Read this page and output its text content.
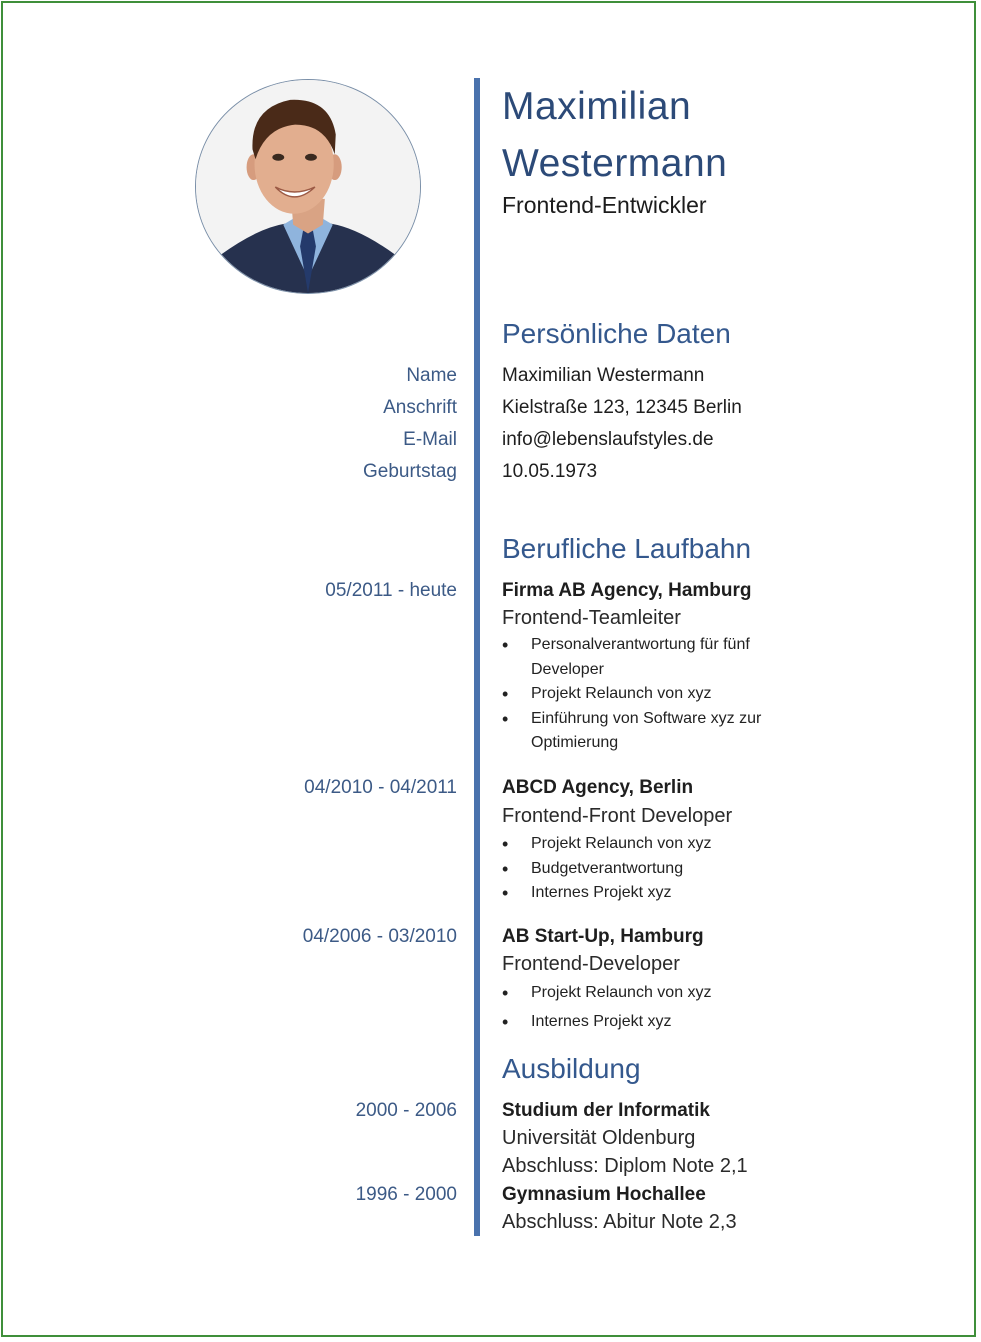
Maximilian
Westermann
Frontend-Entwickler
Persönliche Daten
Name Maximilian Westermann
Anschrift Kielstraße 123, 12345 Berlin
E-Mail info@lebenslaufstyles.de
Geburtstag 10.05.1973
Berufliche Laufbahn
05/2011 - heute Firma AB Agency, Hamburg
Frontend-Teamleiter
• Personalverantwortung für fünf Developer
• Projekt Relaunch von xyz
• Einführung von Software xyz zur Optimierung
04/2010 - 04/2011 ABCD Agency, Berlin
Frontend-Front Developer
• Projekt Relaunch von xyz
• Budgetverantwortung
• Internes Projekt xyz
04/2006 - 03/2010 AB Start-Up, Hamburg
Frontend-Developer
• Projekt Relaunch von xyz
• Internes Projekt xyz
Ausbildung
2000 - 2006 Studium der Informatik
Universität Oldenburg
Abschluss: Diplom Note 2,1
1996 - 2000 Gymnasium Hochallee
Abschluss: Abitur Note 2,3
